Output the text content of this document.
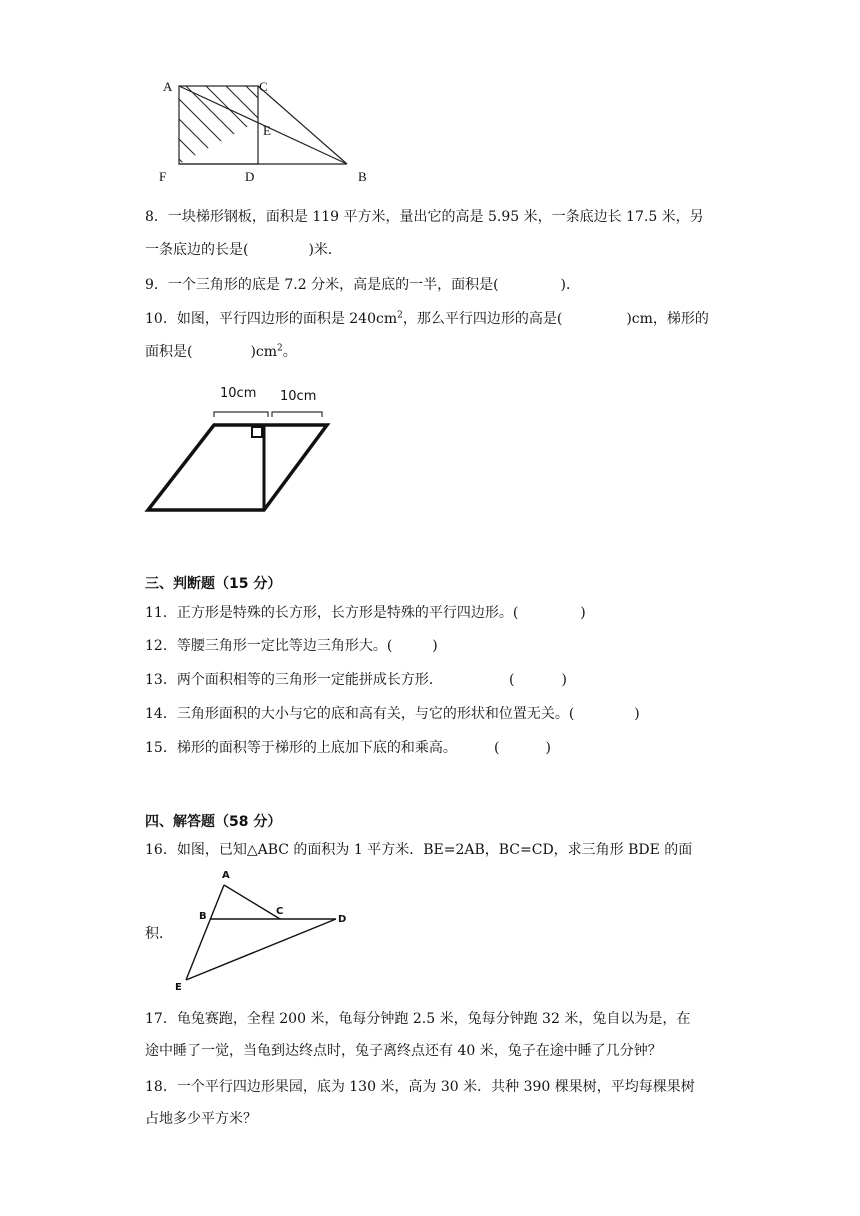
A	C
E
F	D	B
8．一块梯形钢板，面积是 119 平方米，量出它的高是 5.95 米，一条底边长 17.5 米，另
一条底边的长是(	)米．
9．一个三角形的底是 7.2 分米，高是底的一半，面积是(	)．
10．如图，平行四边形的面积是 $240cm^2$，那么平行四边形的高是(	)cm，梯形的
面积是(	)$cm^2$。
10cm 10cm
三、判断题（15 分）
11．正方形是特殊的长方形，长方形是特殊的平行四边形。(	)
12．等腰三角形一定比等边三角形大。(	)
13．两个面积相等的三角形一定能拼成长方形．	(	)
14．三角形面积的大小与它的底和高有关，与它的形状和位置无关。(	)
15．梯形的面积等于梯形的上底加下底的和乘高。	(	)
四、解答题（58 分）
16．如图，已知△ABC 的面积为 1 平方米．BE=2AB，BC=CD，求三角形 BDE 的面
积．
A
B	C
D
E
17．龟兔赛跑，全程 200 米，龟每分钟跑 2.5 米，兔每分钟跑 32 米，兔自以为是，在
途中睡了一觉，当龟到达终点时，兔子离终点还有 40 米，兔子在途中睡了几分钟？
18．一个平行四边形果园，底为 130 米，高为 30 米．共种 390 棵果树，平均每棵果树
占地多少平方米？
